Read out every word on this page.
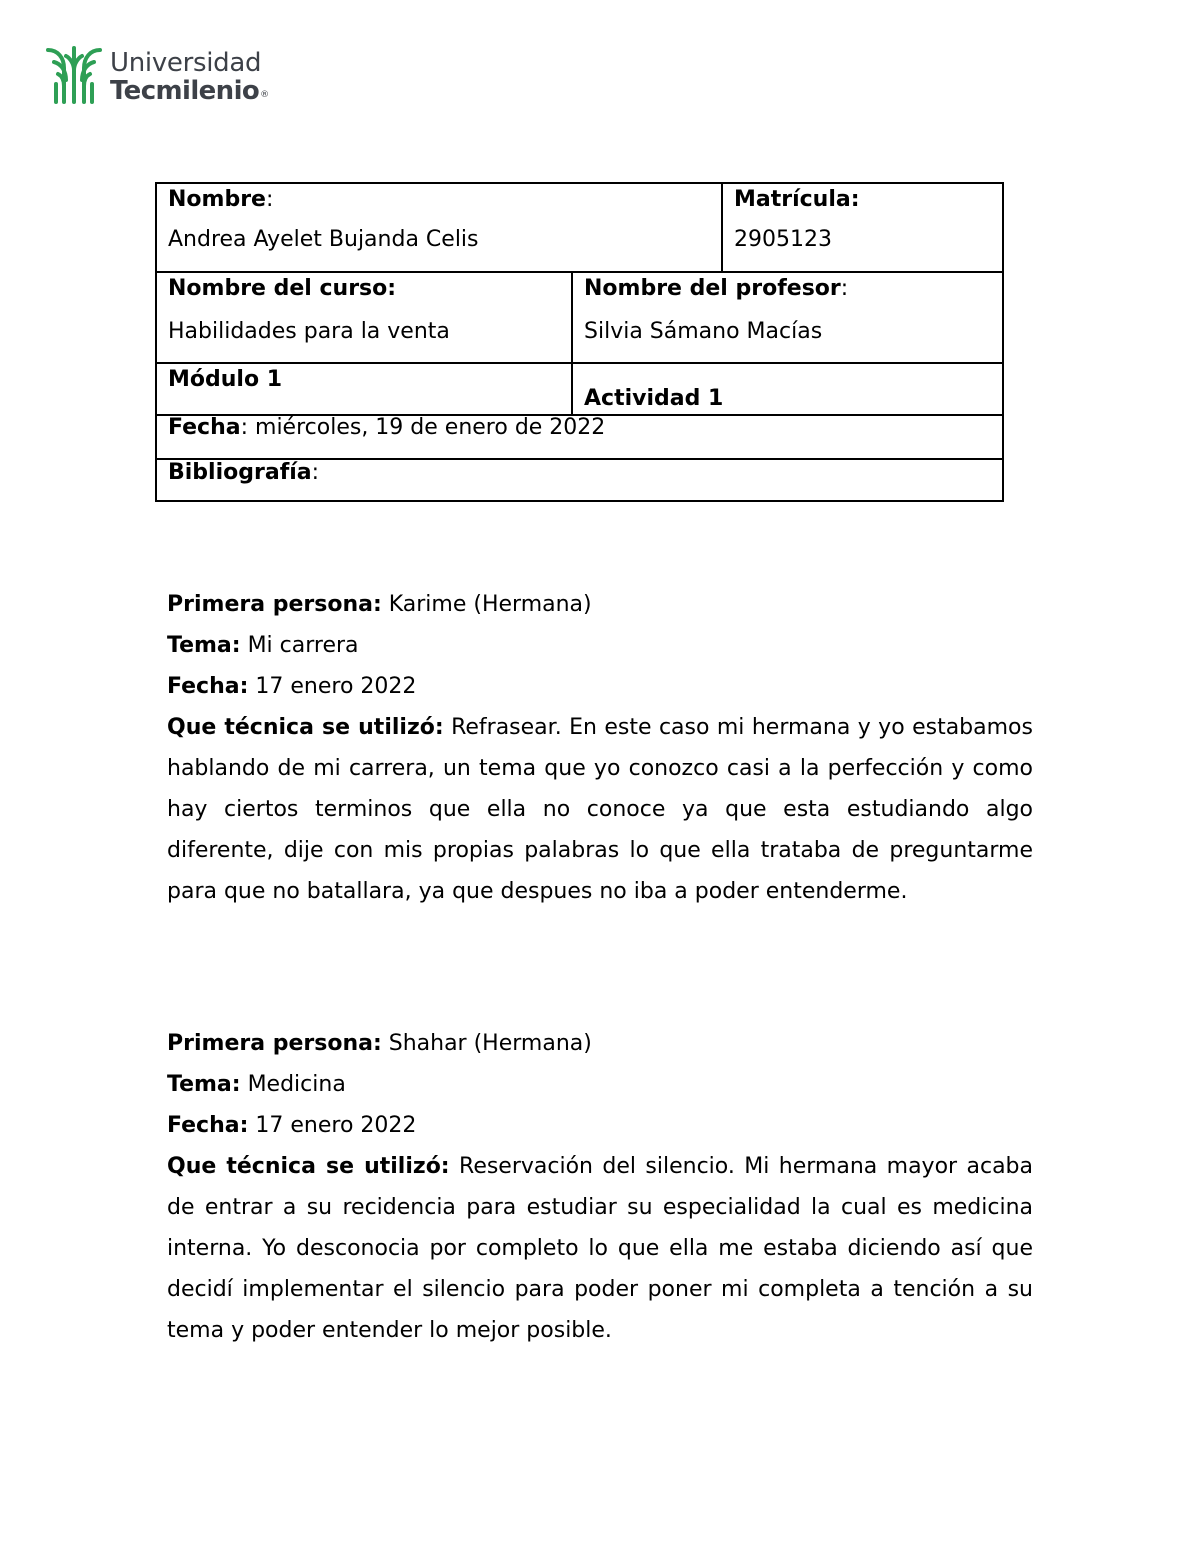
Universidad
Tecmilenio®
Nombre:
Andrea Ayelet Bujanda Celis
Matrícula:
2905123
Nombre del curso:
Habilidades para la venta
Nombre del profesor:
Silvia Sámano Macías
Módulo 1
Actividad 1
Fecha: miércoles, 19 de enero de 2022
Bibliografía:

Primera persona: Karime (Hermana)

Tema: Mi carrera

Fecha: 17 enero 2022

Que técnica se utilizó: Refrasear. En este caso mi hermana y yo estabamos hablando de mi carrera, un tema que yo conozco casi a la perfección y como hay ciertos terminos que ella no conoce ya que esta estudiando algo diferente, dije con mis propias palabras lo que ella trataba de preguntarme para que no batallara, ya que despues no iba a poder entenderme.

Primera persona: Shahar (Hermana)

Tema: Medicina

Fecha: 17 enero 2022

Que técnica se utilizó: Reservación del silencio. Mi hermana mayor acaba de entrar a su recidencia para estudiar su especialidad la cual es medicina interna. Yo desconocia por completo lo que ella me estaba diciendo así que decidí implementar el silencio para poder poner mi completa a tención a su tema y poder entender lo mejor posible.
